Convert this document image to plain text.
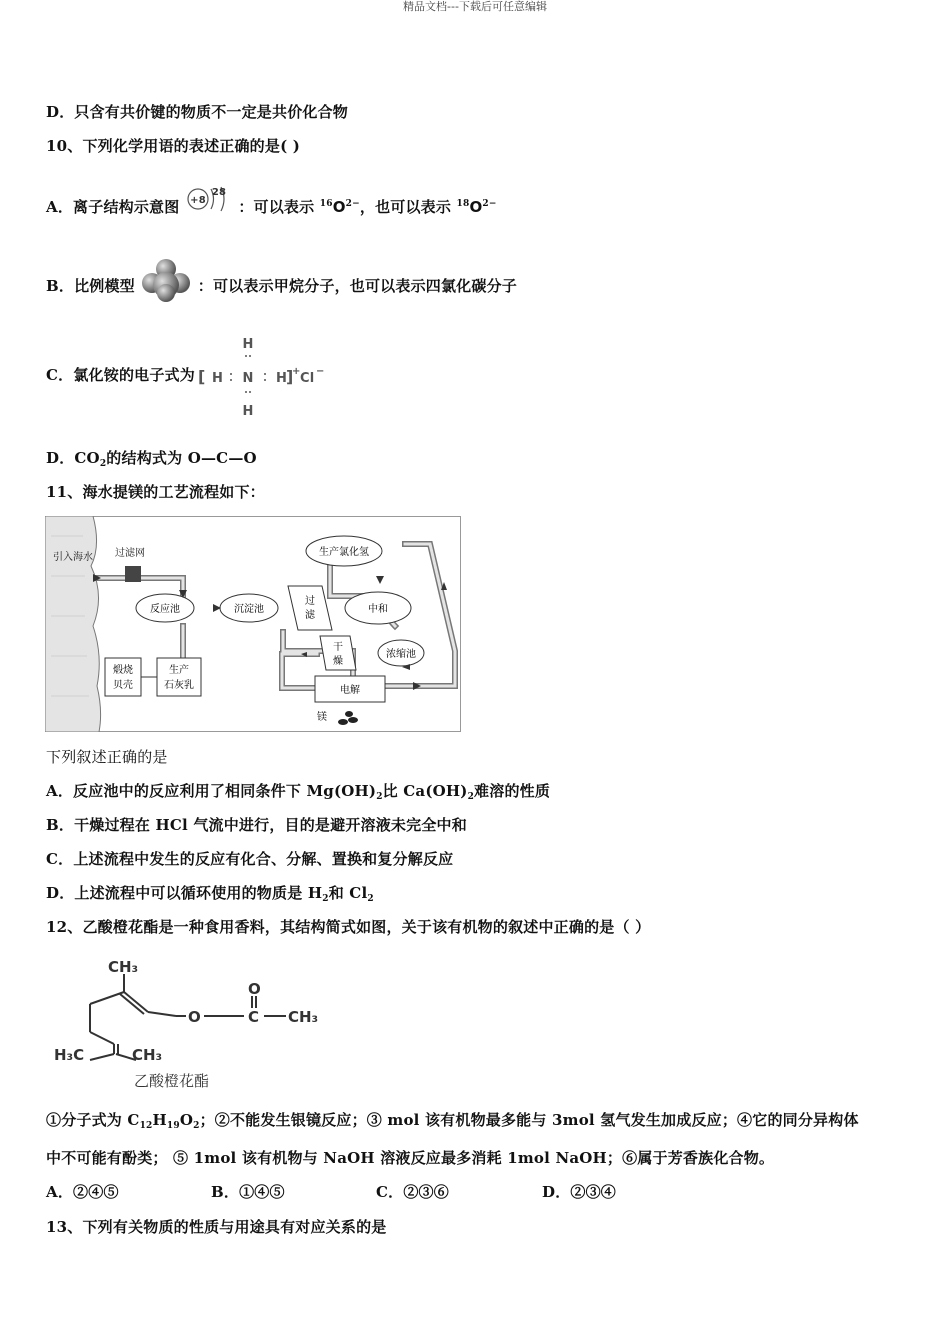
精品文档---下载后可任意编辑
D．只含有共价键的物质不一定是共价化合物
10、下列化学用语的表述正确的是( )
A．离子结构示意图 +8
28
：可以表示 $^{16}O^{2-}$，也可以表示 $^{18}O^{2-}$
B．比例模型	：可以表示甲烷分子，也可以表示四氯化碳分子
C．氯化铵的电子式为
H
H
[ H N H
]
+ Cl −
D．$CO_2$的结构式为 O—C—O
11、海水提镁的工艺流程如下：
引入海水 过滤网
反应池	沉淀池	中和
生产氯化氢
浓缩池
过
滤
干
燥
电解
煅烧
贝壳
生产
石灰乳
镁
下列叙述正确的是
A．反应池中的反应利用了相同条件下 $Mg(OH)_2$比 $Ca(OH)_2$难溶的性质
B．干燥过程在 HCl 气流中进行，目的是避开溶液未完全中和
C．上述流程中发生的反应有化合、分解、置换和复分解反应
D．上述流程中可以循环使用的物质是 $H_2$和 $Cl_2$
12、乙酸橙花酯是一种食用香料，其结构简式如图，关于该有机物的叙述中正确的是（ ）
CH₃
O
O
C CH₃
H₃C	CH₃
乙酸橙花酯
①分子式为 $C_{12}H_{19}O_2$；②不能发生银镜反应；③ mol 该有机物最多能与 3mol 氢气发生加成反应；④它的同分异构体
中不可能有酚类； ⑤ 1mol 该有机物与 NaOH 溶液反应最多消耗 1mol NaOH；⑥属于芳香族化合物。
A．②④⑤	B．①④⑤	C．②③⑥	D．②③④
13、下列有关物质的性质与用途具有对应关系的是
